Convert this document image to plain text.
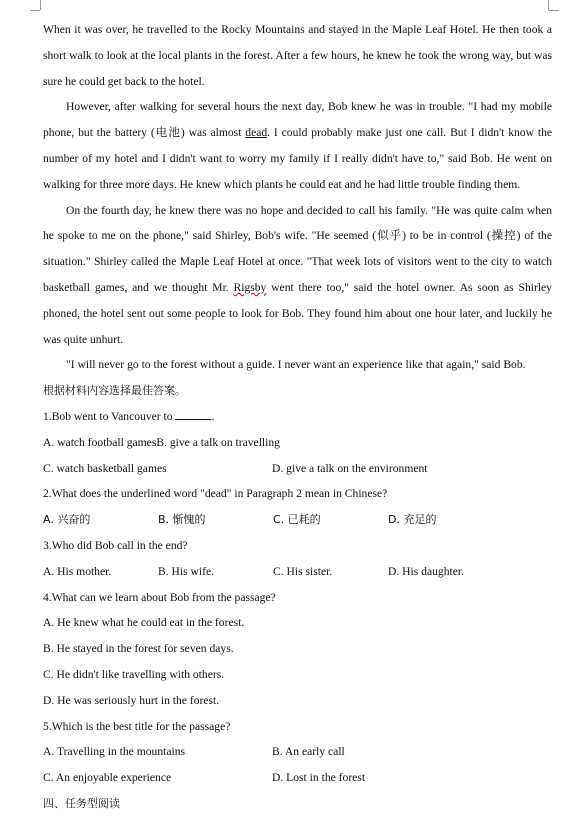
When it was over, he travelled to the Rocky Mountains and stayed in the Maple Leaf Hotel. He then took a short walk to look at the local plants in the forest. After a few hours, he knew he took the wrong way, but was sure he could get back to the hotel.

However, after walking for several hours the next day, Bob knew he was in trouble. "I had my mobile phone, but the battery (电池) was almost dead. I could probably make just one call. But I didn't know the number of my hotel and I didn't want to worry my family if I really didn't have to," said Bob. He went on walking for three more days. He knew which plants he could eat and he had little trouble finding them.

On the fourth day, he knew there was no hope and decided to call his family. "He was quite calm when he spoke to me on the phone," said Shirley, Bob's wife. "He seemed (似乎) to be in control (操控) of the situation." Shirley called the Maple Leaf Hotel at once. "That week lots of visitors went to the city to watch basketball games, and we thought Mr. Rigsby went there too," said the hotel owner. As soon as Shirley phoned, the hotel sent out some people to look for Bob. They found him about one hour later, and luckily he was quite unhurt.

"I will never go to the forest without a guide. I never want an experience like that again," said Bob.

根据材料内容选择最佳答案。

1.Bob went to Vancouver to	.

A. watch football gamesB. give a talk on travelling

C. watch basketball games	D. give a talk on the environment

2.What does the underlined word "dead" in Paragraph 2 mean in Chinese?

A. 兴奋的	B. 惭愧的	C. 已耗的	D. 充足的

3.Who did Bob call in the end?

A. His mother.	B. His wife.	C. His sister.	D. His daughter.

4.What can we learn about Bob from the passage?

A. He knew what he could eat in the forest.

B. He stayed in the forest for seven days.

C. He didn't like travelling with others.

D. He was seriously hurt in the forest.

5.Which is the best title for the passage?

A. Travelling in the mountains	B. An early call
C. An enjoyable experience	D. Lost in the forest

四、任务型阅读
